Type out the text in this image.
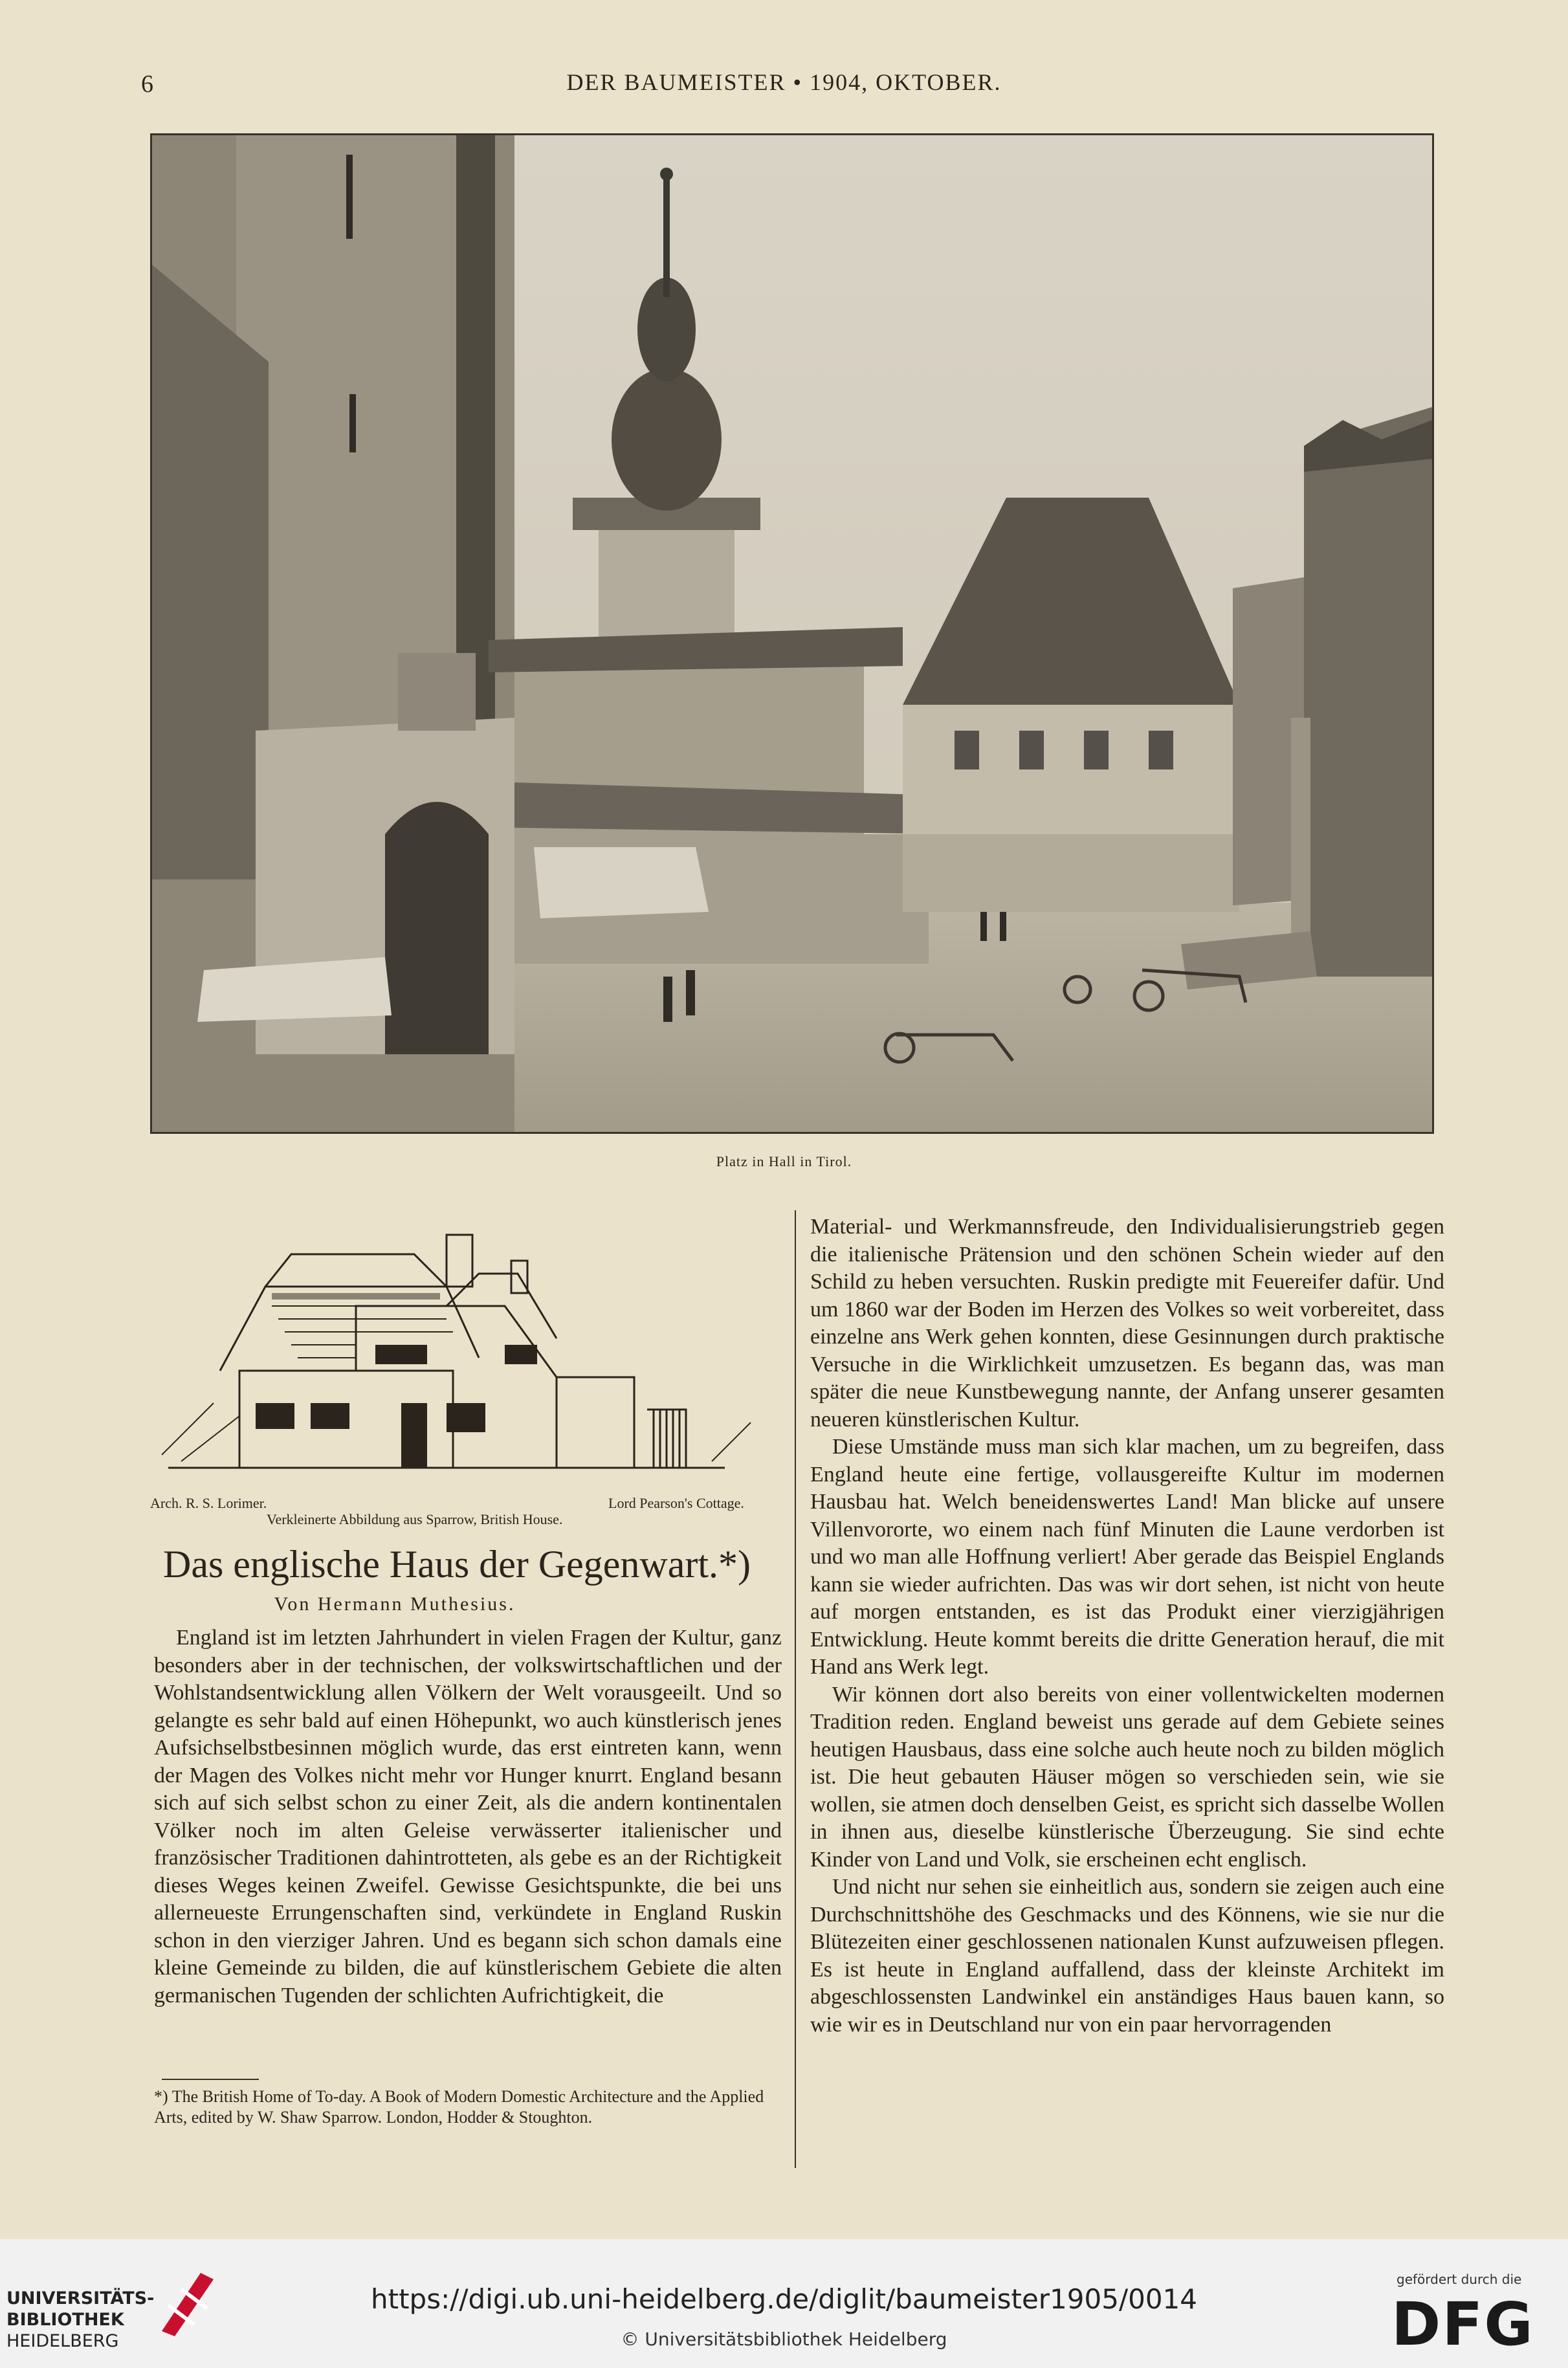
6	DER BAUMEISTER • 1904, OKTOBER.
Platz in Hall in Tirol.
Arch. R. S. Lorimer.	Lord Pearson's Cottage.
Verkleinerte Abbildung aus Sparrow, British House.
Das englische Haus der Gegenwart.*)
Von Hermann Muthesius.

England ist im letzten Jahrhundert in vielen Fragen der Kultur, ganz besonders aber in der technischen, der volkswirtschaftlichen und der Wohlstandsentwicklung allen Völkern der Welt vorausgeeilt. Und so gelangte es sehr bald auf einen Höhepunkt, wo auch künstlerisch jenes Aufsichselbstbesinnen möglich wurde, das erst eintreten kann, wenn der Magen des Volkes nicht mehr vor Hunger knurrt. England besann sich auf sich selbst schon zu einer Zeit, als die andern kontinentalen Völker noch im alten Geleise verwässerter italienischer und französischer Traditionen dahintrotteten, als gebe es an der Richtigkeit dieses Weges keinen Zweifel. Gewisse Gesichtspunkte, die bei uns allerneueste Errungenschaften sind, verkündete in England Ruskin schon in den vierziger Jahren. Und es begann sich schon damals eine kleine Gemeinde zu bilden, die auf künstlerischem Gebiete die alten germanischen Tugenden der schlichten Aufrichtigkeit, die

*) The British Home of To-day. A Book of Modern Domestic Architecture and the Applied Arts, edited by W. Shaw Sparrow. London, Hodder & Stoughton.

Material- und Werkmannsfreude, den Individualisierungstrieb gegen die italienische Prätension und den schönen Schein wieder auf den Schild zu heben versuchten. Ruskin predigte mit Feuereifer dafür. Und um 1860 war der Boden im Herzen des Volkes so weit vorbereitet, dass einzelne ans Werk gehen konnten, diese Gesinnungen durch praktische Versuche in die Wirklichkeit umzusetzen. Es begann das, was man später die neue Kunstbewegung nannte, der Anfang unserer gesamten neueren künstlerischen Kultur.

Diese Umstände muss man sich klar machen, um zu begreifen, dass England heute eine fertige, vollausgereifte Kultur im modernen Hausbau hat. Welch beneidenswertes Land! Man blicke auf unsere Villenvororte, wo einem nach fünf Minuten die Laune verdorben ist und wo man alle Hoffnung verliert! Aber gerade das Beispiel Englands kann sie wieder aufrichten. Das was wir dort sehen, ist nicht von heute auf morgen entstanden, es ist das Produkt einer vierzigjährigen Entwicklung. Heute kommt bereits die dritte Generation herauf, die mit Hand ans Werk legt.

Wir können dort also bereits von einer vollentwickelten modernen Tradition reden. England beweist uns gerade auf dem Gebiete seines heutigen Hausbaus, dass eine solche auch heute noch zu bilden möglich ist. Die heut gebauten Häuser mögen so verschieden sein, wie sie wollen, sie atmen doch denselben Geist, es spricht sich dasselbe Wollen in ihnen aus, dieselbe künstlerische Überzeugung. Sie sind echte Kinder von Land und Volk, sie erscheinen echt englisch.

Und nicht nur sehen sie einheitlich aus, sondern sie zeigen auch eine Durchschnittshöhe des Geschmacks und des Könnens, wie sie nur die Blütezeiten einer geschlossenen nationalen Kunst aufzuweisen pflegen. Es ist heute in England auffallend, dass der kleinste Architekt im abgeschlossensten Landwinkel ein anständiges Haus bauen kann, so wie wir es in Deutschland nur von ein paar hervorragenden

UNIVERSITÄTS-
BIBLIOTHEK
HEIDELBERG
https://digi.ub.uni-heidelberg.de/diglit/baumeister1905/0014
© Universitätsbibliothek Heidelberg
gefördert durch die
DFG
